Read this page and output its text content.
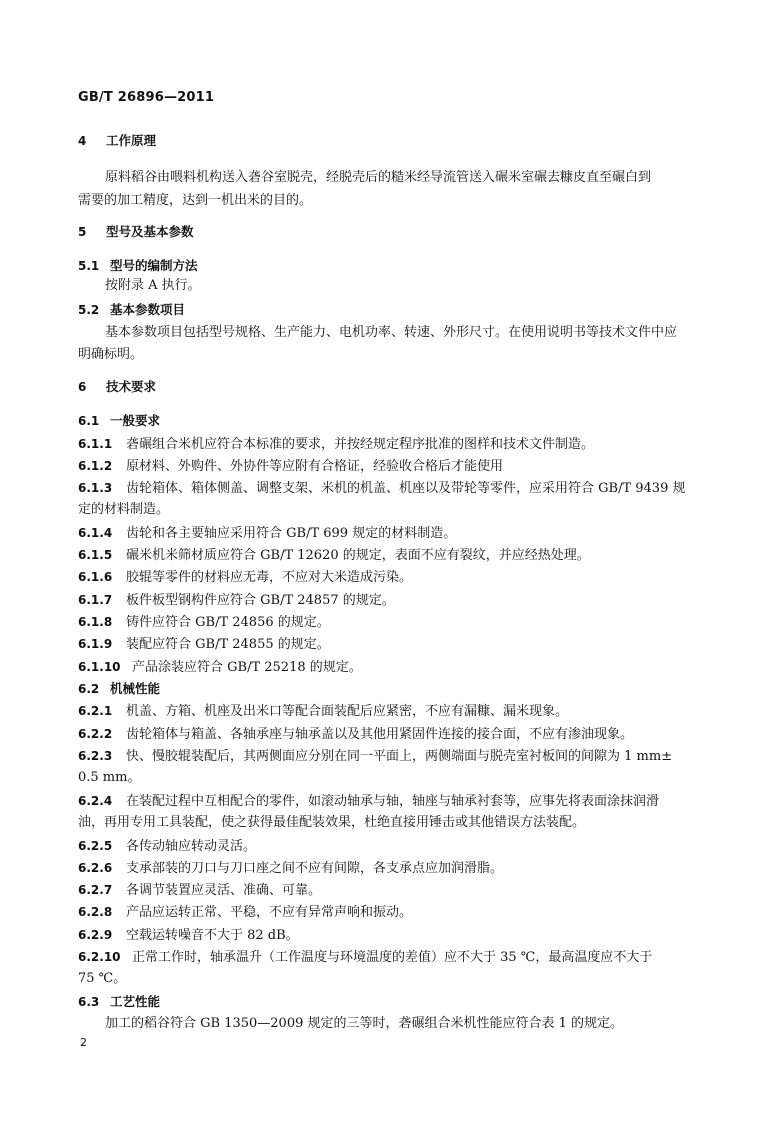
GB/T 26896—2011
4 工作原理
原料稻谷由喂料机构送入砻谷室脱壳，经脱壳后的糙米经导流管送入碾米室碾去糠皮直至碾白到
需要的加工精度，达到一机出米的目的。
5 型号及基本参数
5.1 型号的编制方法
按附录 A 执行。
5.2 基本参数项目
基本参数项目包括型号规格、生产能力、电机功率、转速、外形尺寸。在使用说明书等技术文件中应
明确标明。
6 技术要求
6.1 一般要求
6.1.1 砻碾组合米机应符合本标准的要求，并按经规定程序批准的图样和技术文件制造。
6.1.2 原材料、外购件、外协件等应附有合格证，经验收合格后才能使用
6.1.3 齿轮箱体、箱体侧盖、调整支架、米机的机盖、机座以及带轮等零件，应采用符合 GB/T 9439 规
定的材料制造。
6.1.4 齿轮和各主要轴应采用符合 GB/T 699 规定的材料制造。
6.1.5 碾米机米筛材质应符合 GB/T 12620 的规定，表面不应有裂纹，并应经热处理。
6.1.6 胶辊等零件的材料应无毒，不应对大米造成污染。
6.1.7 板件板型钢构件应符合 GB/T 24857 的规定。
6.1.8 铸件应符合 GB/T 24856 的规定。
6.1.9 装配应符合 GB/T 24855 的规定。
6.1.10 产品涂装应符合 GB/T 25218 的规定。
6.2 机械性能
6.2.1 机盖、方箱、机座及出米口等配合面装配后应紧密，不应有漏糠、漏米现象。
6.2.2 齿轮箱体与箱盖、各轴承座与轴承盖以及其他用紧固件连接的接合面，不应有渗油现象。
6.2.3 快、慢胶辊装配后，其两侧面应分别在同一平面上，两侧端面与脱壳室衬板间的间隙为 1 mm±
0.5 mm。
6.2.4 在装配过程中互相配合的零件，如滚动轴承与轴，轴座与轴承衬套等，应事先将表面涂抹润滑
油，再用专用工具装配，使之获得最佳配装效果，杜绝直接用锤击或其他错误方法装配。
6.2.5 各传动轴应转动灵活。
6.2.6 支承部装的刀口与刀口座之间不应有间隙，各支承点应加润滑脂。
6.2.7 各调节装置应灵活、准确、可靠。
6.2.8 产品应运转正常、平稳，不应有异常声响和振动。
6.2.9 空载运转噪音不大于 82 dB。
6.2.10 正常工作时，轴承温升（工作温度与环境温度的差值）应不大于 35 ℃，最高温度应不大于
75 ℃。
6.3 工艺性能
加工的稻谷符合 GB 1350—2009 规定的三等时，砻碾组合米机性能应符合表 1 的规定。
2
